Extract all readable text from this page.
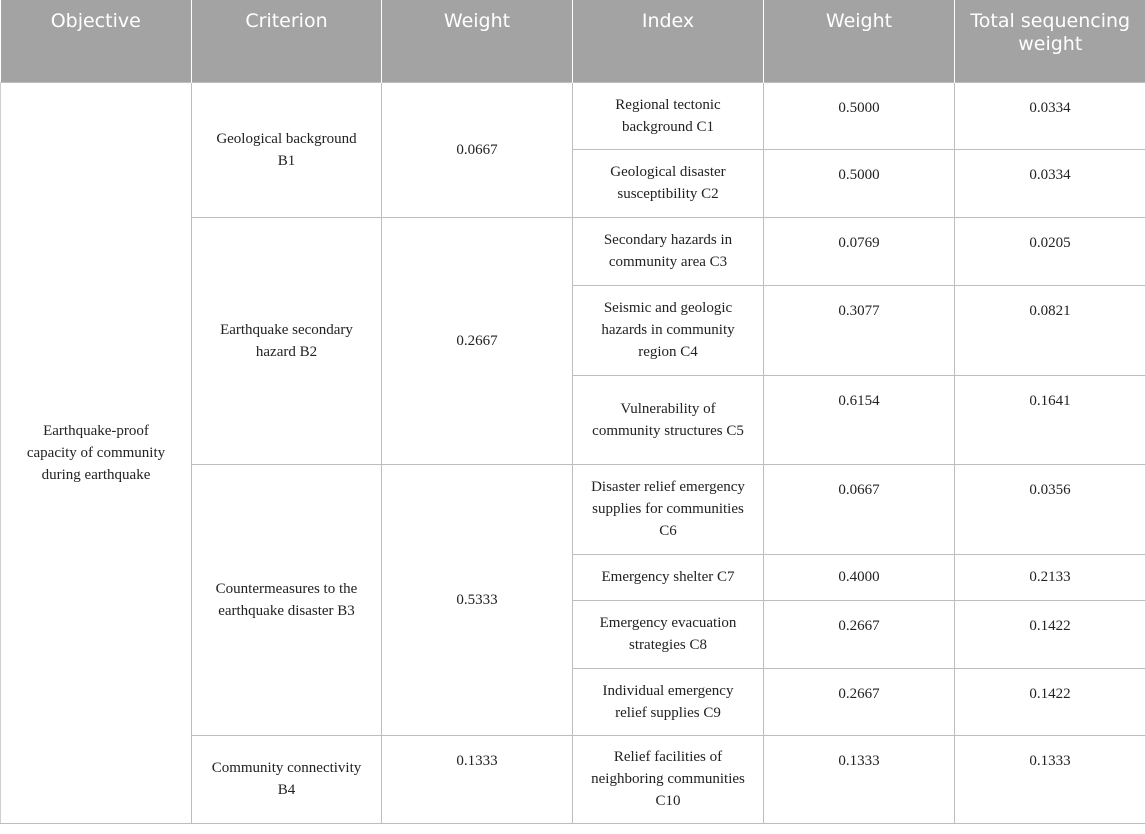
Objective	Criterion	Weight	Index	Weight	Total sequencing weight
Earthquake-proof capacity of community during earthquake	Geological background B1	0.0667	Regional tectonic background C1	0.5000	0.0334
			Geological disaster susceptibility C2	0.5000	0.0334
	Earthquake secondary hazard B2	0.2667	Secondary hazards in community area C3	0.0769	0.0205
			Seismic and geologic hazards in community region C4	0.3077	0.0821
			Vulnerability of community structures C5	0.6154	0.1641
	Countermeasures to the earthquake disaster B3	0.5333	Disaster relief emergency supplies for communities C6	0.0667	0.0356
			Emergency shelter C7	0.4000	0.2133
			Emergency evacuation strategies C8	0.2667	0.1422
			Individual emergency relief supplies C9	0.2667	0.1422
	Community connectivity B4	0.1333	Relief facilities of neighboring communities C10	0.1333	0.1333
